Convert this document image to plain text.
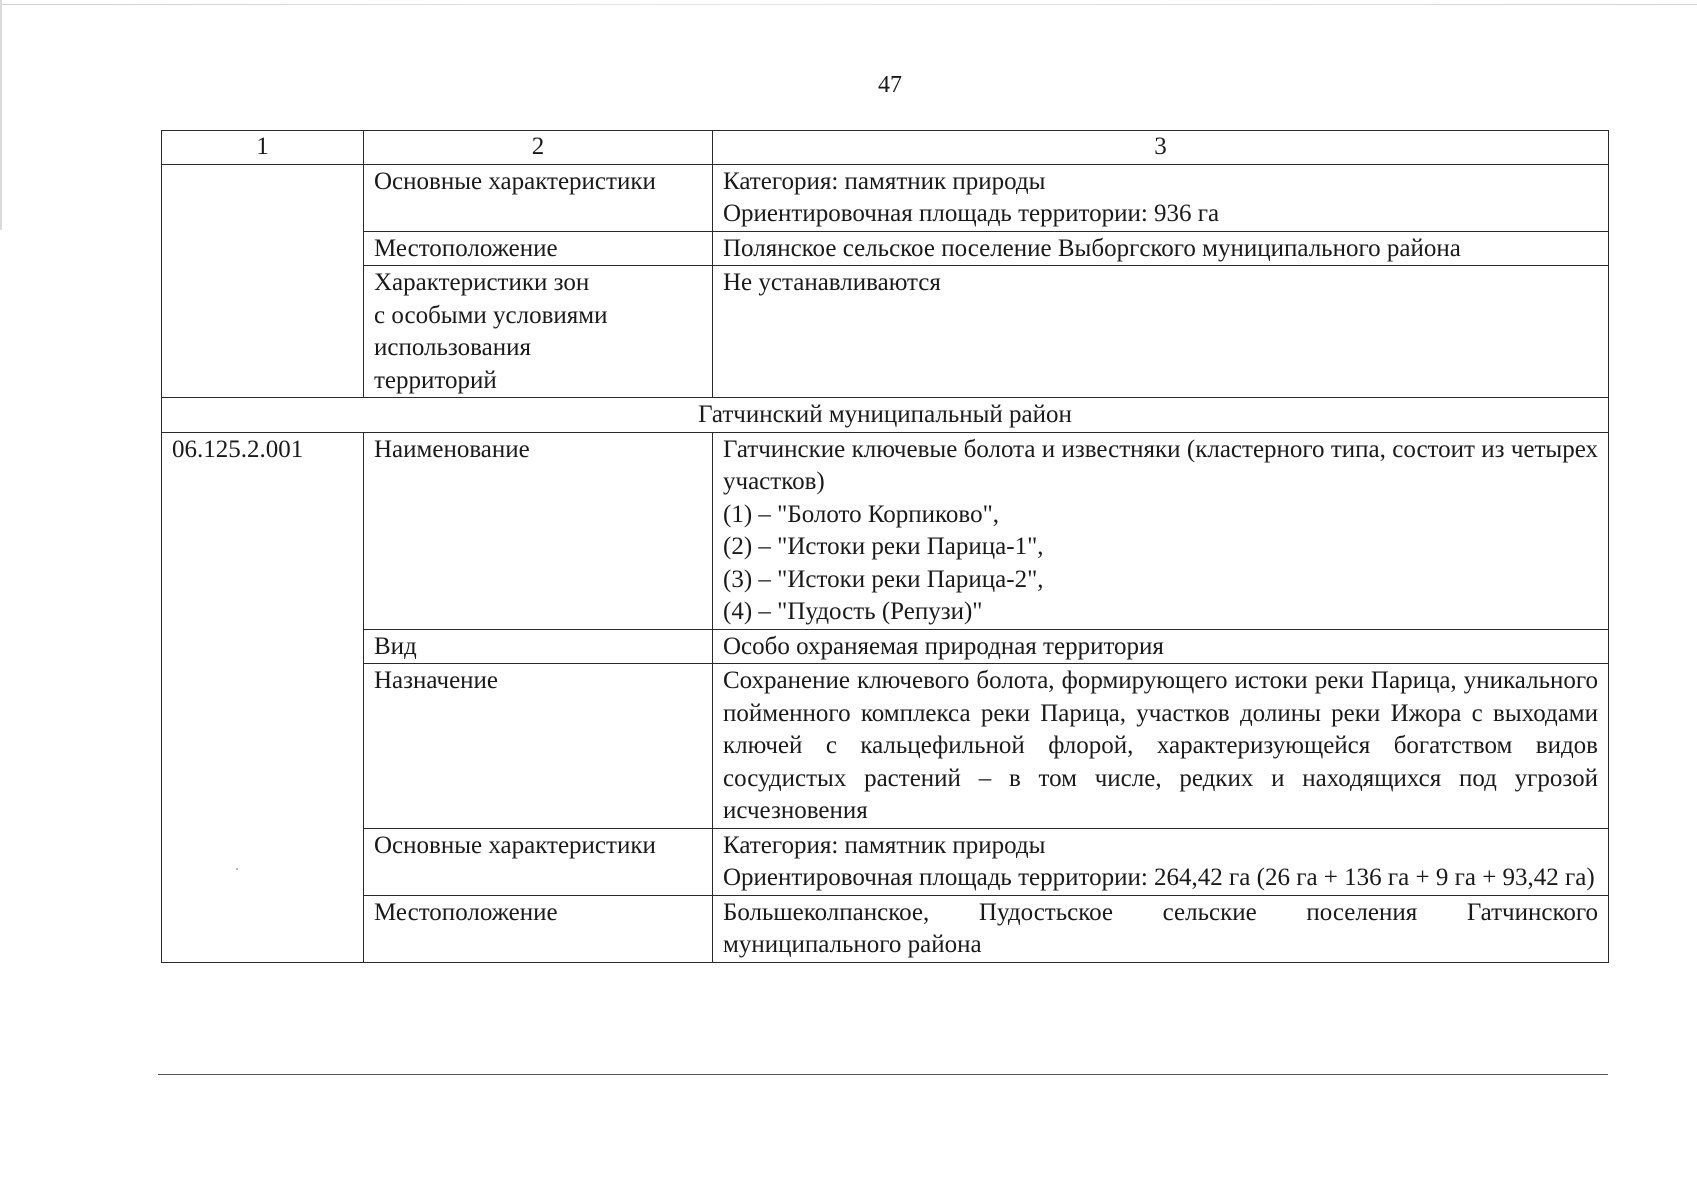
47
1	2	3
	Основные характеристики	Категория: памятник природы
Ориентировочная площадь территории: 936 га

	Местоположение	Полянское сельское поселение Выборгского муниципального района

	Характеристики зон
с особыми условиями
использования
территорий	Не устанавливаются
Гатчинский муниципальный район		
06.125.2.001	Наименование	Гатчинские ключевые болота и известняки (кластерного типа, состоит из четырех участков)
(1) – "Болото Корпиково",
(2) – "Истоки реки Парица-1",
(3) – "Истоки реки Парица-2",
(4) – "Пудость (Репузи)"

	Вид	Особо охраняемая природная территория
	Назначение	Сохранение ключевого болота, формирующего истоки реки Парица, уникального пойменного комплекса реки Парица, участков долины реки Ижора с выходами ключей с кальцефильной флорой, характеризующейся богатством видов сосудистых растений – в том числе, редких и находящихся под угрозой исчезновения
	Основные характеристики	Категория: памятник природы
Ориентировочная площадь территории: 264,42 га (26 га + 136 га + 9 га + 93,42 га)

	Местоположение	Большеколпанское, Пудостьское сельские поселения Гатчинского муниципального района
